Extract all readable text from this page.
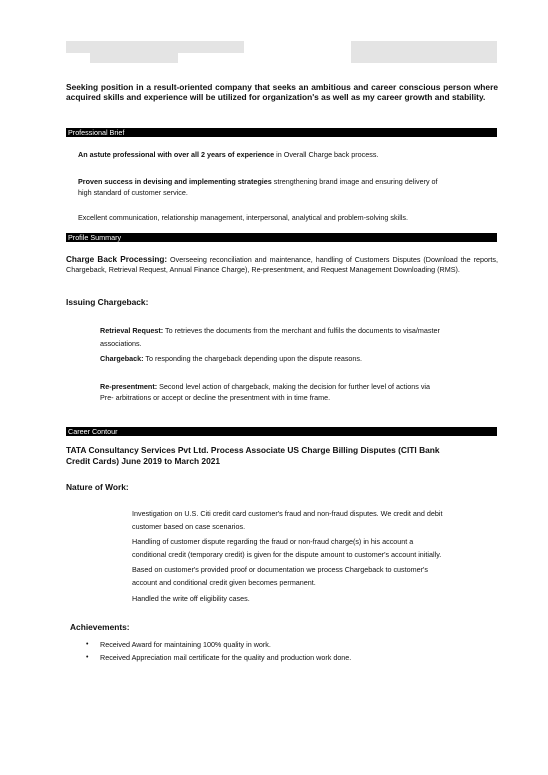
Seeking position in a result-oriented company that seeks an ambitious and career conscious person where acquired skills and experience will be utilized for organization's as well as my career growth and stability.
Professional Brief
An astute professional with over all 2 years of experience in Overall Charge back process.
Proven success in devising and implementing strategies strengthening brand image and ensuring delivery of
high standard of customer service.
Excellent communication, relationship management, interpersonal, analytical and problem-solving skills.
Profile Summary
Charge Back Processing: Overseeing reconciliation and maintenance, handling of Customers Disputes (Download the reports, Chargeback, Retrieval Request, Annual Finance Charge), Re-presentment, and Request Management Downloading (RMS).
Issuing Chargeback:
Retrieval Request: To retrieves the documents from the merchant and fulfils the documents to visa/master
associations.
Chargeback: To responding the chargeback depending upon the dispute reasons.
Re-presentment: Second level action of chargeback, making the decision for further level of actions via
Pre- arbitrations or accept or decline the presentment with in time frame.
Career Contour
TATA Consultancy Services Pvt Ltd. Process Associate US Charge Billing Disputes (CITI Bank
Credit Cards) June 2019 to March 2021
Nature of Work:
Investigation on U.S. Citi credit card customer's fraud and non-fraud disputes. We credit and debit
customer based on case scenarios.
Handling of customer dispute regarding the fraud or non-fraud charge(s) in his account a
conditional credit (temporary credit) is given for the dispute amount to customer's account initially.
Based on customer's provided proof or documentation we process Chargeback to customer's
account and conditional credit given becomes permanent.
Handled the write off eligibility cases.
Achievements:
• Received Award for maintaining 100% quality in work.
• Received Appreciation mail certificate for the quality and production work done.
